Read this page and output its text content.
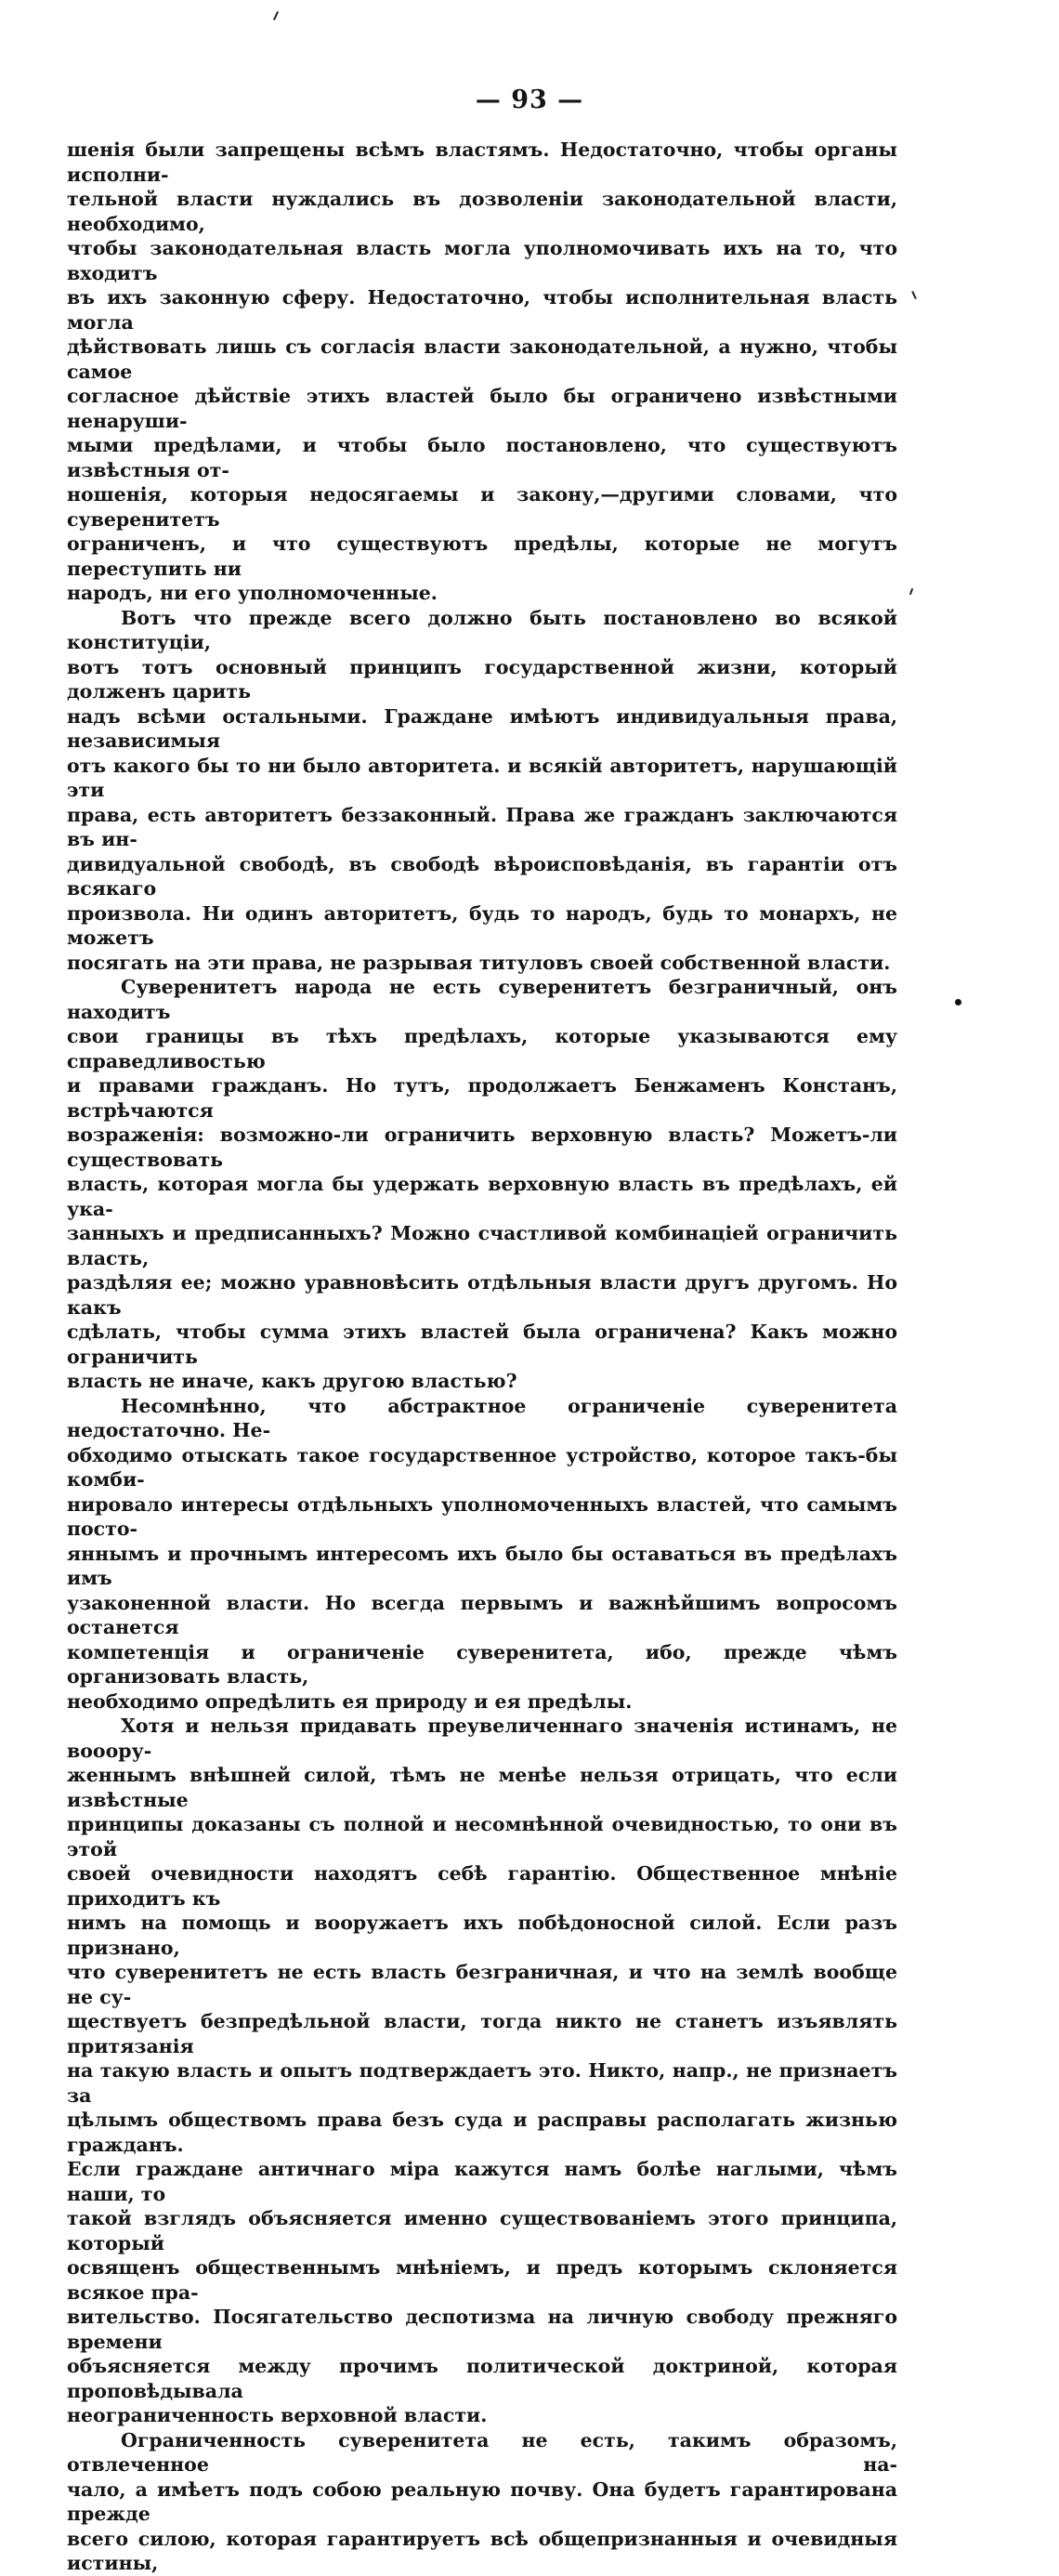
— 93 —

шенія были запрещены всѣмъ властямъ. Недостаточно, чтобы органы исполни-
тельной власти нуждались въ дозволеніи законодательной власти, необходимо,
чтобы законодательная власть могла уполномочивать ихъ на то, что входитъ
въ ихъ законную сферу. Недостаточно, чтобы исполнительная власть могла
дѣйствовать лишь съ согласія власти законодательной, а нужно, чтобы самое
согласное дѣйствіе этихъ властей было бы ограничено извѣстными ненаруши-
мыми предѣлами, и чтобы было постановлено, что существуютъ извѣстныя от-
ношенія, которыя недосягаемы и закону,—другими словами, что суверенитетъ
ограниченъ, и что существуютъ предѣлы, которые не могутъ переступить ни
народъ, ни его уполномоченные.

Вотъ что прежде всего должно быть постановлено во всякой конституціи,
вотъ тотъ основный принципъ государственной жизни, который долженъ царить
надъ всѣми остальными. Граждане имѣютъ индивидуальныя права, независимыя
отъ какого бы то ни было авторитета. и всякій авторитетъ, нарушающій эти
права, есть авторитетъ беззаконный. Права же гражданъ заключаются въ ин-
дивидуальной свободѣ, въ свободѣ вѣроисповѣданія, въ гарантіи отъ всякаго
произвола. Ни одинъ авторитетъ, будь то народъ, будь то монархъ, не можетъ
посягать на эти права, не разрывая титуловъ своей собственной власти.

Суверенитетъ народа не есть суверенитетъ безграничный, онъ находитъ
свои границы въ тѣхъ предѣлахъ, которые указываются ему справедливостью
и правами гражданъ. Но тутъ, продолжаетъ Бенжаменъ Констанъ, встрѣчаются
возраженія: возможно-ли ограничить верховную власть? Можетъ-ли существовать
власть, которая могла бы удержать верховную власть въ предѣлахъ, ей ука-
занныхъ и предписанныхъ? Можно счастливой комбинаціей ограничить власть,
раздѣляя ее; можно уравновѣсить отдѣльныя власти другъ другомъ. Но какъ
сдѣлать, чтобы сумма этихъ властей была ограничена? Какъ можно ограничить
власть не иначе, какъ другою властью?

Несомнѣнно, что абстрактное ограниченіе суверенитета недостаточно. Не-
обходимо отыскать такое государственное устройство, которое такъ-бы комби-
нировало интересы отдѣльныхъ уполномоченныхъ властей, что самымъ посто-
яннымъ и прочнымъ интересомъ ихъ было бы оставаться въ предѣлахъ имъ
узаконенной власти. Но всегда первымъ и важнѣйшимъ вопросомъ останется
компетенція и ограниченіе суверенитета, ибо, прежде чѣмъ организовать власть,
необходимо опредѣлить ея природу и ея предѣлы.

Хотя и нельзя придавать преувеличеннаго значенія истинамъ, не вооору-
женнымъ внѣшней силой, тѣмъ не менѣе нельзя отрицать, что если извѣстные
принципы доказаны съ полной и несомнѣнной очевидностью, то они въ этой
своей очевидности находятъ себѣ гарантію. Общественное мнѣніе приходитъ къ
нимъ на помощь и вооружаетъ ихъ побѣдоносной силой. Если разъ признано,
что суверенитетъ не есть власть безграничная, и что на землѣ вообще не су-
ществуетъ безпредѣльной власти, тогда никто не станетъ изъявлять притязанія
на такую власть и опытъ подтверждаетъ это. Никто, напр., не признаетъ за
цѣлымъ обществомъ права безъ суда и расправы располагать жизнью гражданъ.
Если граждане античнаго міра кажутся намъ болѣе наглыми, чѣмъ наши, то
такой взглядъ объясняется именно существованіемъ этого принципа, который
освященъ общественнымъ мнѣніемъ, и предъ которымъ склоняется всякое пра-
вительство. Посягательство деспотизма на личную свободу прежняго времени
объясняется между прочимъ политической доктриной, которая проповѣдывала
неограниченность верховной власти.

Ограниченность суверенитета не есть, такимъ образомъ, отвлеченное на-
чало, а имѣетъ подъ собою реальную почву. Она будетъ гарантирована прежде
всего силою, которая гарантируетъ всѣ общепризнанныя и очевидныя истины,
